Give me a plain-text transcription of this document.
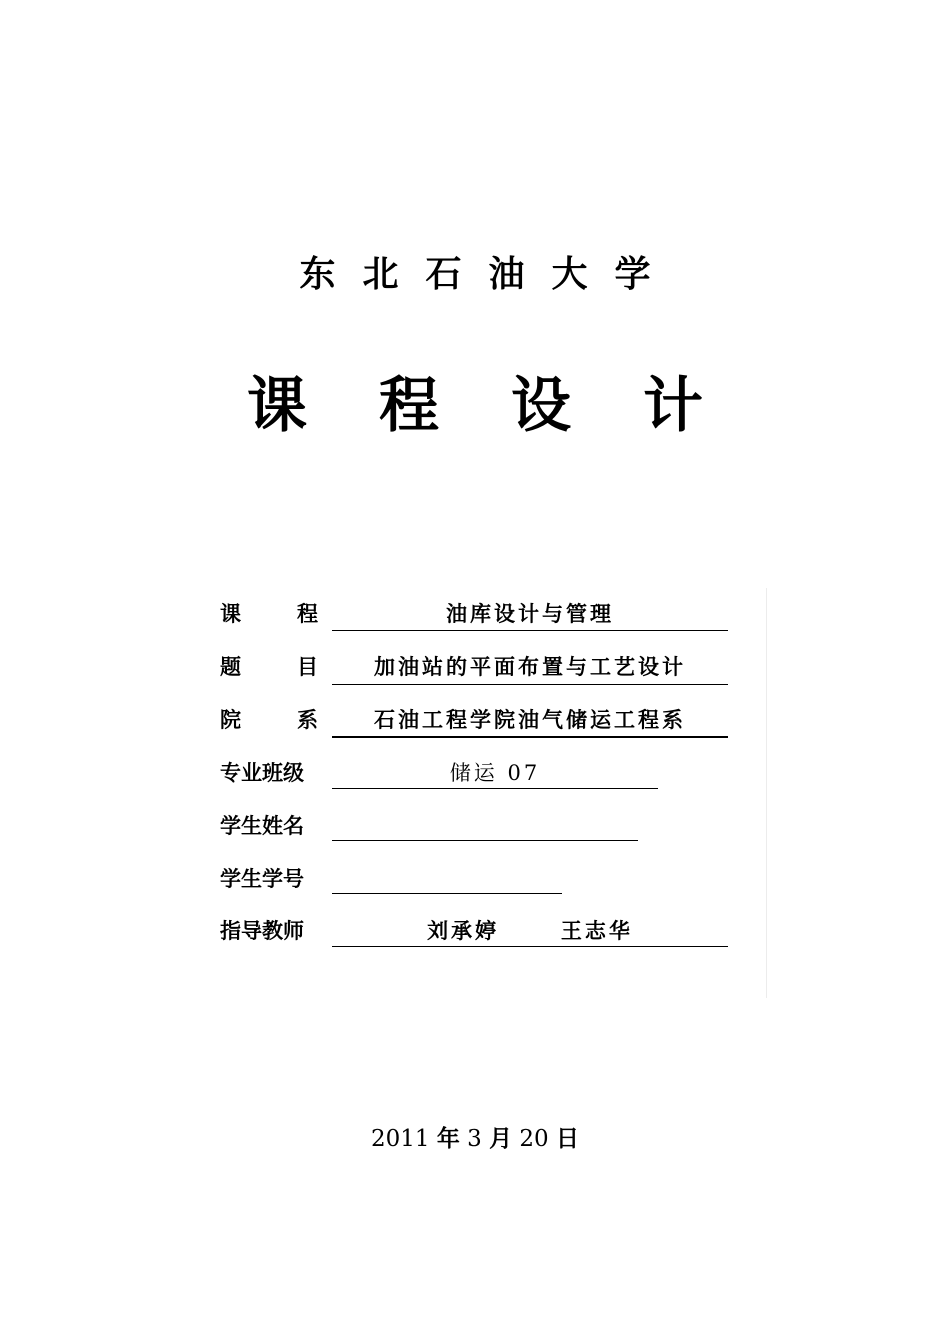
东北石油大学
课程设计
课	程	油库设计与管理
题	目	加油站的平面布置与工艺设计
院	系	石油工程学院油气储运工程系
专业班级	储运 07
学生姓名
学生学号
指导教师	刘承婷      王志华
2011 年 3 月 20 日
